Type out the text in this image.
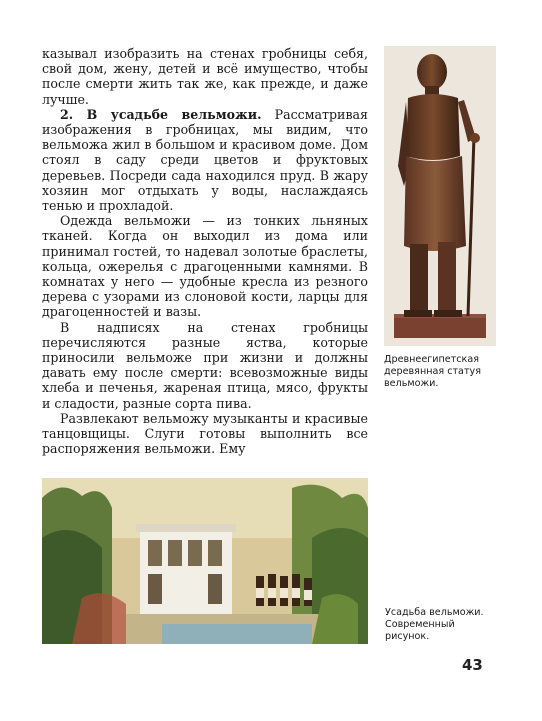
казывал изобразить на стенах гробницы себя, свой дом, жену, детей и всё имущество, чтобы после смерти жить так же, как прежде, и даже лучше.

2. В усадьбе вельможи. Рассматривая изображения в гробницах, мы видим, что вельможа жил в большом и красивом доме. Дом стоял в саду среди цветов и фруктовых деревьев. Посреди сада находился пруд. В жару хозяин мог отдыхать у воды, наслаждаясь тенью и прохладой.

Одежда вельможи — из тонких льняных тканей. Когда он выходил из дома или принимал гостей, то надевал золотые браслеты, кольца, ожерелья с драгоценными камнями. В комнатах у него — удобные кресла из резного дерева с узорами из слоновой кости, ларцы для драгоценностей и вазы.

В надписях на стенах гробницы перечисляются разные яства, которые приносили вельможе при жизни и должны давать ему после смерти: всевозможные виды хлеба и печенья, жареная птица, мясо, фрукты и сладости, разные сорта пива.

Развлекают вельможу музыканты и красивые танцовщицы. Слуги готовы выполнить все распоряжения вельможи. Ему

Древнеегипетская деревянная статуя вельможи.
Усадьба вельможи. Современный рисунок.
43
